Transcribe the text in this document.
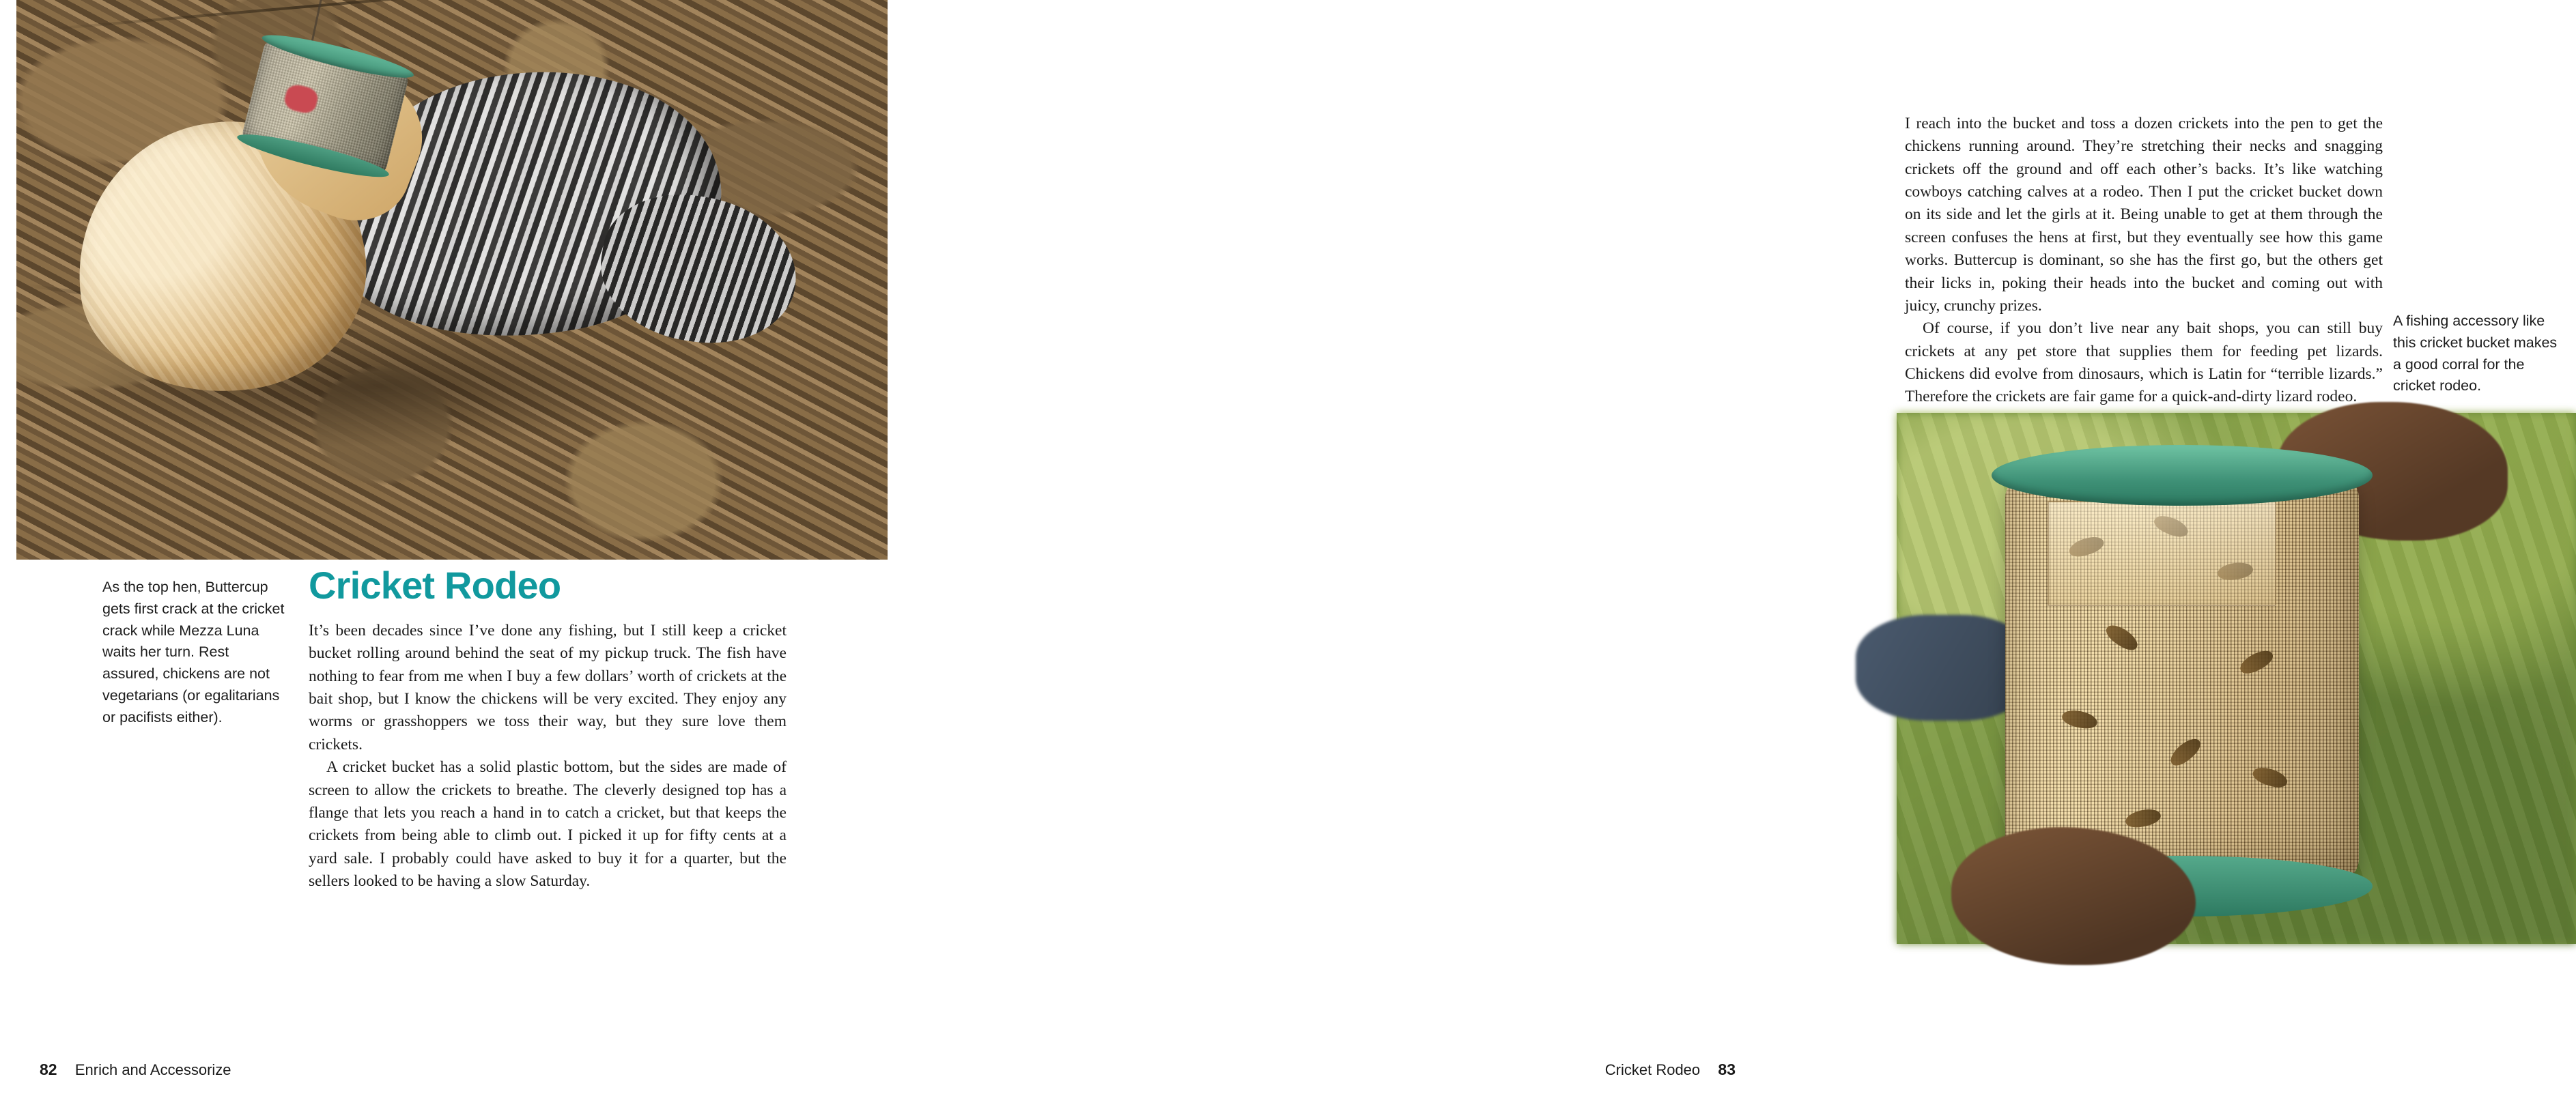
As the top hen, Buttercup gets first crack at the cricket crack while Mezza Luna waits her turn. Rest assured, chickens are not vegetarians (or egalitarians or pacifists either).
Cricket Rodeo

It’s been decades since I’ve done any fishing, but I still keep a cricket bucket rolling around behind the seat of my pickup truck. The fish have nothing to fear from me when I buy a few dollars’ worth of crickets at the bait shop, but I know the chickens will be very excited. They enjoy any worms or grasshoppers we toss their way, but they sure love them crickets.

A cricket bucket has a solid plastic bottom, but the sides are made of screen to allow the crickets to breathe. The cleverly designed top has a flange that lets you reach a hand in to catch a cricket, but that keeps the crickets from being able to climb out. I picked it up for fifty cents at a yard sale. I probably could have asked to buy it for a quarter, but the sellers looked to be having a slow Saturday.

I reach into the bucket and toss a dozen crickets into the pen to get the chickens running around. They’re stretching their necks and snagging crickets off the ground and off each other’s backs. It’s like watching cowboys catching calves at a rodeo. Then I put the cricket bucket down on its side and let the girls at it. Being unable to get at them through the screen confuses the hens at first, but they eventually see how this game works. Buttercup is dominant, so she has the first go, but the others get their licks in, poking their heads into the bucket and coming out with juicy, crunchy prizes.

Of course, if you don’t live near any bait shops, you can still buy crickets at any pet store that supplies them for feeding pet lizards. Chickens did evolve from dinosaurs, which is Latin for “terrible lizards.” Therefore the crickets are fair game for a quick-and-dirty lizard rodeo.

A fishing accessory like this cricket bucket makes a good corral for the cricket rodeo.
82 Enrich and Accessorize	Cricket Rodeo 83
